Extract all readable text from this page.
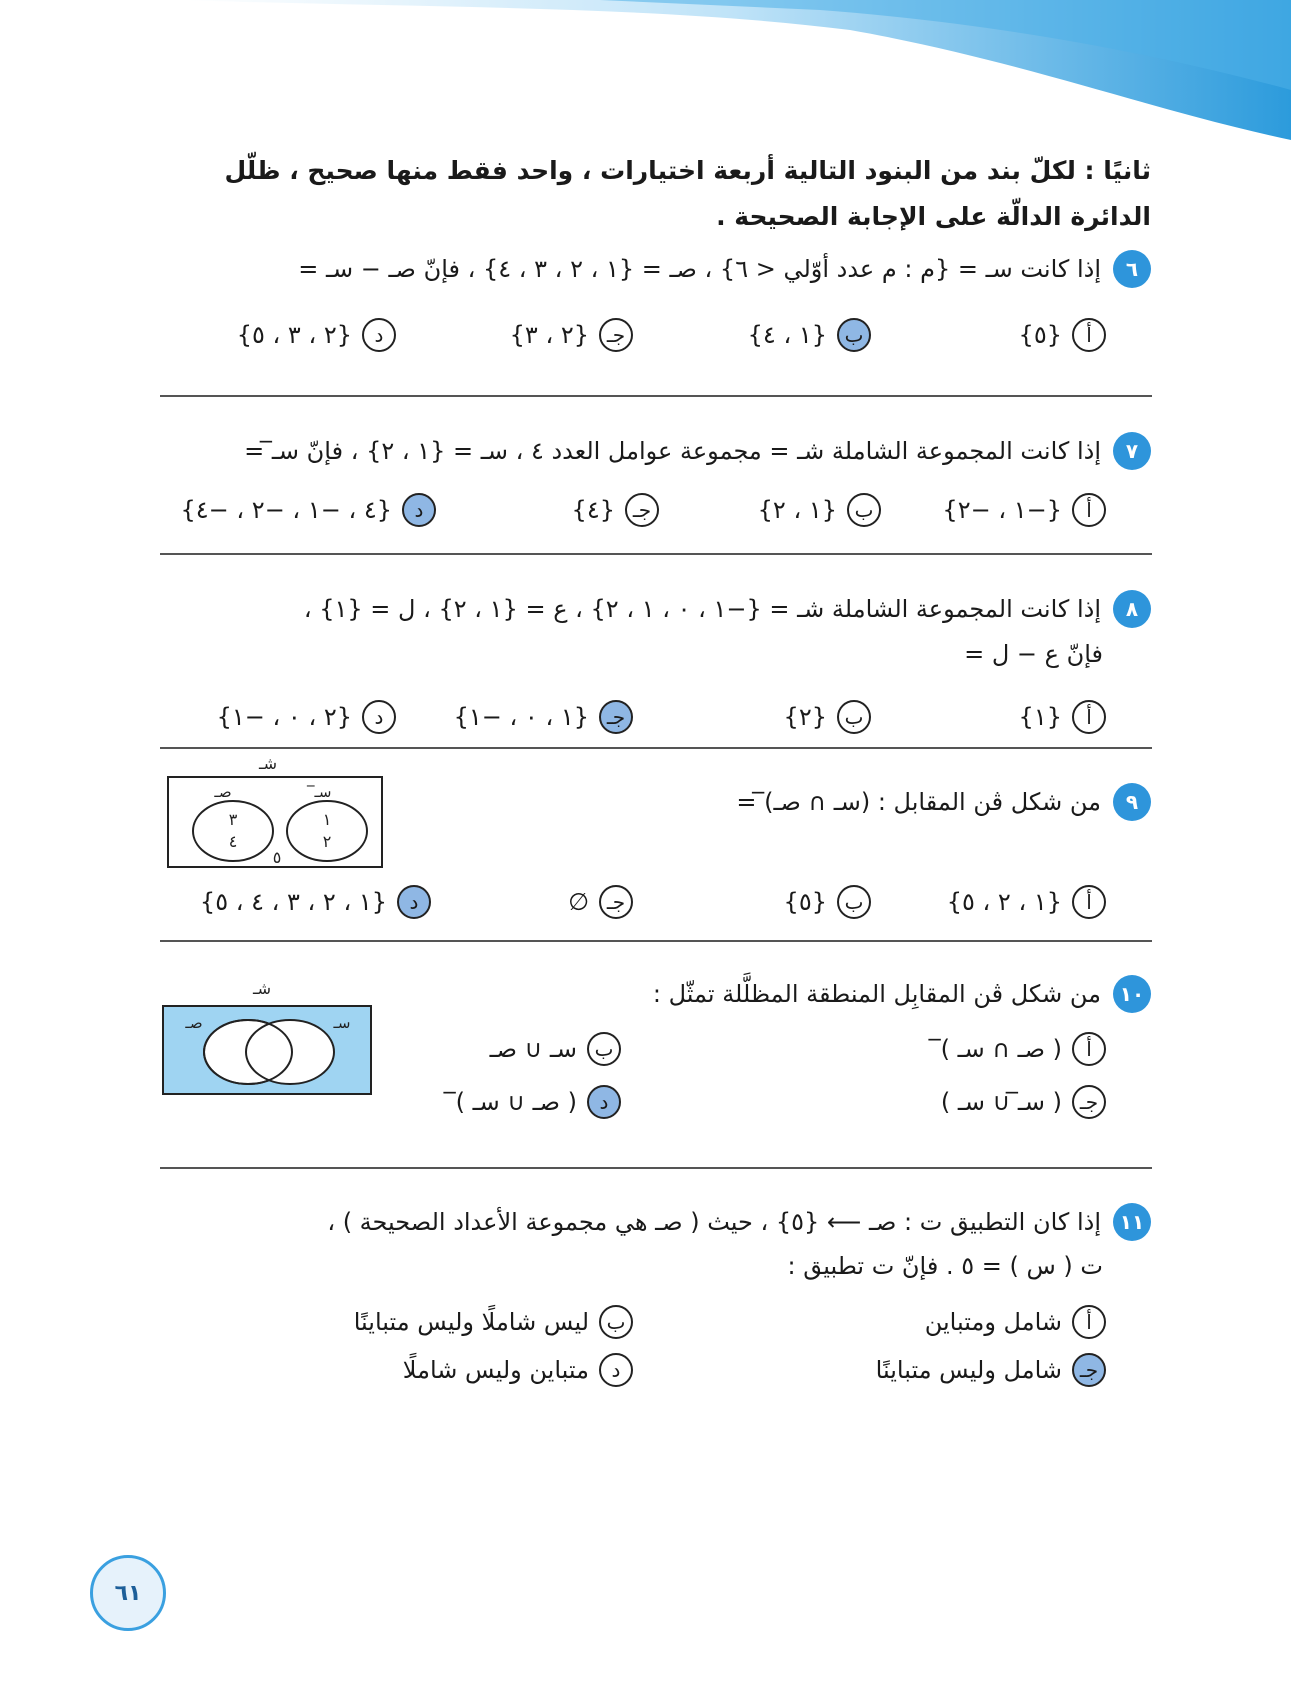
ثانيًا : لكلّ بند من البنود التالية أربعة اختيارات ، واحد فقط منها صحيح ، ظلّل الدائرة الدالّة على الإجابة الصحيحة .
٦
إذا كانت سـ = {م : م عدد أوّلي < ٦} ، صـ = {١ ، ٢ ، ٣ ، ٤} ، فإنّ صـ − سـ =
أ
{٥}
ب
{١ ، ٤}
جـ
{٢ ، ٣}
د
{٢ ، ٣ ، ٥}
٧
إذا كانت المجموعة الشاملة شـ = مجموعة عوامل العدد ٤ ، سـ = {١ ، ٢} ، فإنّ سـ̅ =
أ
{−١ ، −٢}
ب
{١ ، ٢}
جـ
{٤}
د
{٤ ، −١ ، −٢ ، −٤}
٨
إذا كانت المجموعة الشاملة شـ = {−١ ، ٠ ، ١ ، ٢} ، ع = {١ ، ٢} ، ل = {١} ،
فإنّ ع − ل =
أ
{١}
ب
{٢}
جـ
{١ ، ٠ ، −١}
د
{٢ ، ٠ ، −١}
٩
من شكل ڤن المقابل : (سـ ∩ صـ)̅ =
شـ
صـ	سـ̅
٣
٤
١
٢
٥
أ
{١ ، ٢ ، ٥}
ب
{٥}
جـ
∅
د
{١ ، ٢ ، ٣ ، ٤ ، ٥}
١٠
من شكل ڤن المقابِل المنطقة المظلَّلة تمثّل :
شـ
صـ	سـ
أ
( صـ ∩ سـ )̅
ب
سـ ∪ صـ
جـ
( سـ̅ ∪ سـ )
د
( صـ ∪ سـ )̅
١١
إذا كان التطبيق ت : صـ ⟵ {٥} ، حيث ( صـ هي مجموعة الأعداد الصحيحة ) ،
ت ( س ) = ٥ . فإنّ ت تطبيق :
أ
شامل ومتباين
ب
ليس شاملًا وليس متباينًا
جـ
شامل وليس متباينًا
د
متباين وليس شاملًا
٦١
